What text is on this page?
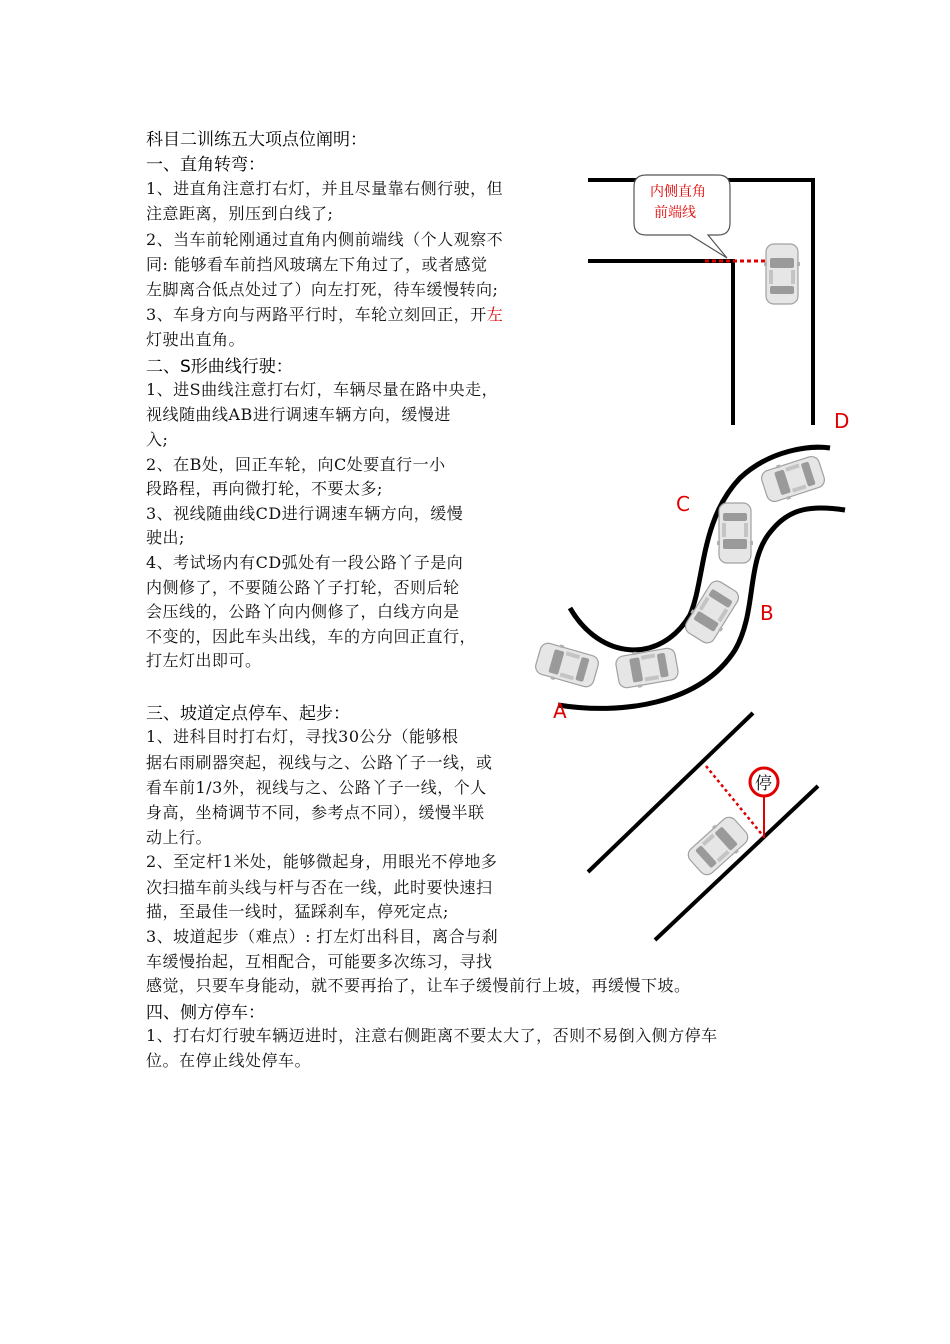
科目二训练五大项点位阐明：
一、直角转弯：
1、进直角注意打右灯，并且尽量靠右侧行驶，但
注意距离，别压到白线了;
2、当车前轮刚通过直角内侧前端线（个人观察不
同: 能够看车前挡风玻璃左下角过了，或者感觉
左脚离合低点处过了）向左打死，待车缓慢转向;
3、车身方向与两路平行时，车轮立刻回正，开左
灯驶出直角。
二、S形曲线行驶：
1、进S曲线注意打右灯，车辆尽量在路中央走，
视线随曲线AB进行调速车辆方向，缓慢进
入;
2、在B处，回正车轮，向C处要直行一小
段路程，再向微打轮，不要太多;
3、视线随曲线CD进行调速车辆方向，缓慢
驶出;
4、考试场内有CD弧处有一段公路丫子是向
内侧修了，不要随公路丫子打轮，否则后轮
会压线的，公路丫向内侧修了，白线方向是
不变的，因此车头出线，车的方向回正直行，
打左灯出即可。
三、坡道定点停车、起步：
1、进科目时打右灯，寻找30公分（能够根
据右雨刷器突起，视线与之、公路丫子一线，或
看车前1/3外，视线与之、公路丫子一线，个人
身高，坐椅调节不同，参考点不同），缓慢半联
动上行。
2、至定杆1米处，能够微起身，用眼光不停地多
次扫描车前头线与杆与否在一线，此时要快速扫
描，至最佳一线时，猛踩刹车，停死定点;
3、坡道起步（难点）: 打左灯出科目，离合与刹
车缓慢抬起，互相配合，可能要多次练习，寻找
感觉，只要车身能动，就不要再抬了，让车子缓慢前行上坡，再缓慢下坡。
四、侧方停车：
1、打右灯行驶车辆迈进时，注意右侧距离不要太大了，否则不易倒入侧方停车
位。在停止线处停车。
内侧直角
前端线
A
B
C
D
停
